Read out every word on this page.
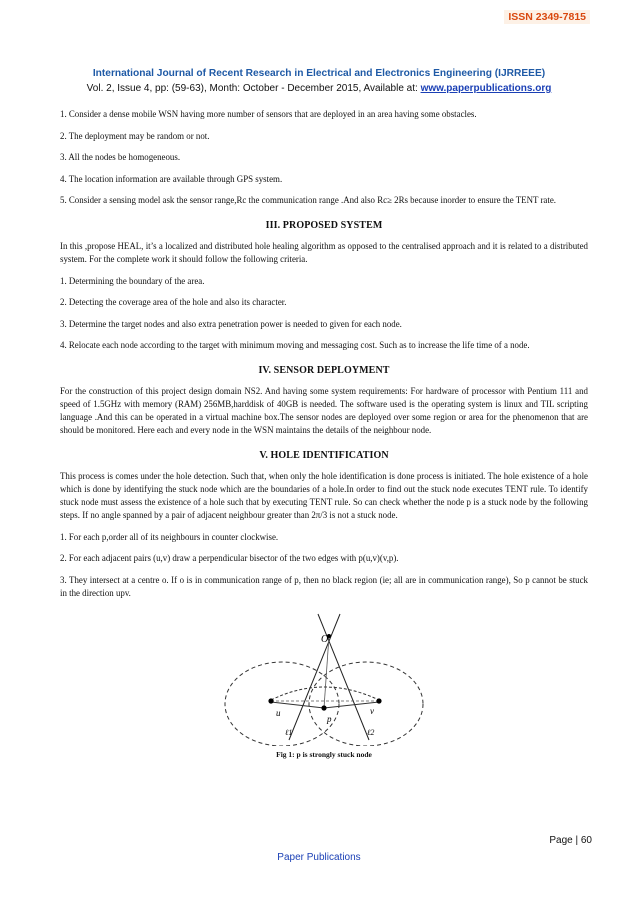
ISSN 2349-7815
International Journal of Recent Research in Electrical and Electronics Engineering (IJRREEE)
Vol. 2, Issue 4, pp: (59-63), Month: October - December 2015, Available at: www.paperpublications.org

1. Consider a dense mobile WSN having more number of sensors that are deployed in an area having some obstacles.

2. The deployment may be random or not.

3. All the nodes be homogeneous.

4. The location information are available through GPS system.

5. Consider a sensing model ask the sensor range,Rc the communication range .And also Rc≥ 2Rs because inorder to ensure the TENT rate.

III. PROPOSED SYSTEM

In this ,propose HEAL, it’s a localized and distributed hole healing algorithm as opposed to the centralised approach and it is related to a distributed system. For the complete work it should follow the following criteria.

1. Determining the boundary of the area.

2. Detecting the coverage area of the hole and also its character.

3. Determine the target nodes and also extra penetration power is needed to given for each node.

4. Relocate each node according to the target with minimum moving and messaging cost. Such as to increase the life time of a node.

IV. SENSOR DEPLOYMENT

For the construction of this project design domain NS2. And having some system requirements: For hardware of processor with Pentium 111 and speed of 1.5GHz with memory (RAM) 256MB,harddisk of 40GB is needed. The software used is the operating system is linux and TIL scripting language .And this can be operated in a virtual machine box.The sensor nodes are deployed over some region or area for the phenomenon that are should be monitored. Here each and every node in the WSN maintains the details of the neighbour node.

V. HOLE IDENTIFICATION

This process is comes under the hole detection. Such that, when only the hole identification is done process is initiated. The hole existence of a hole which is done by identifying the stuck node which are the boundaries of a hole.In order to find out the stuck node executes TENT rule. To identify stuck node must assess the existence of a hole such that by executing TENT rule. So can check whether the node p is a stuck node by the following steps. If no angle spanned by a pair of adjacent neighbour greater than 2π/3 is not a stuck node.

1. For each p,order all of its neighbours in counter clockwise.

2. For each adjacent pairs (u,v) draw a perpendicular bisector of the two edges with p(u,v)(v,p).

3. They intersect at a centre o. If o is in communication range of p, then no black region (ie; all are in communication range), So p cannot be stuck in the direction upv.

O
u
p
v
ℓ1	ℓ2
Fig 1: p is strongly stuck node
Page | 60
Paper Publications
